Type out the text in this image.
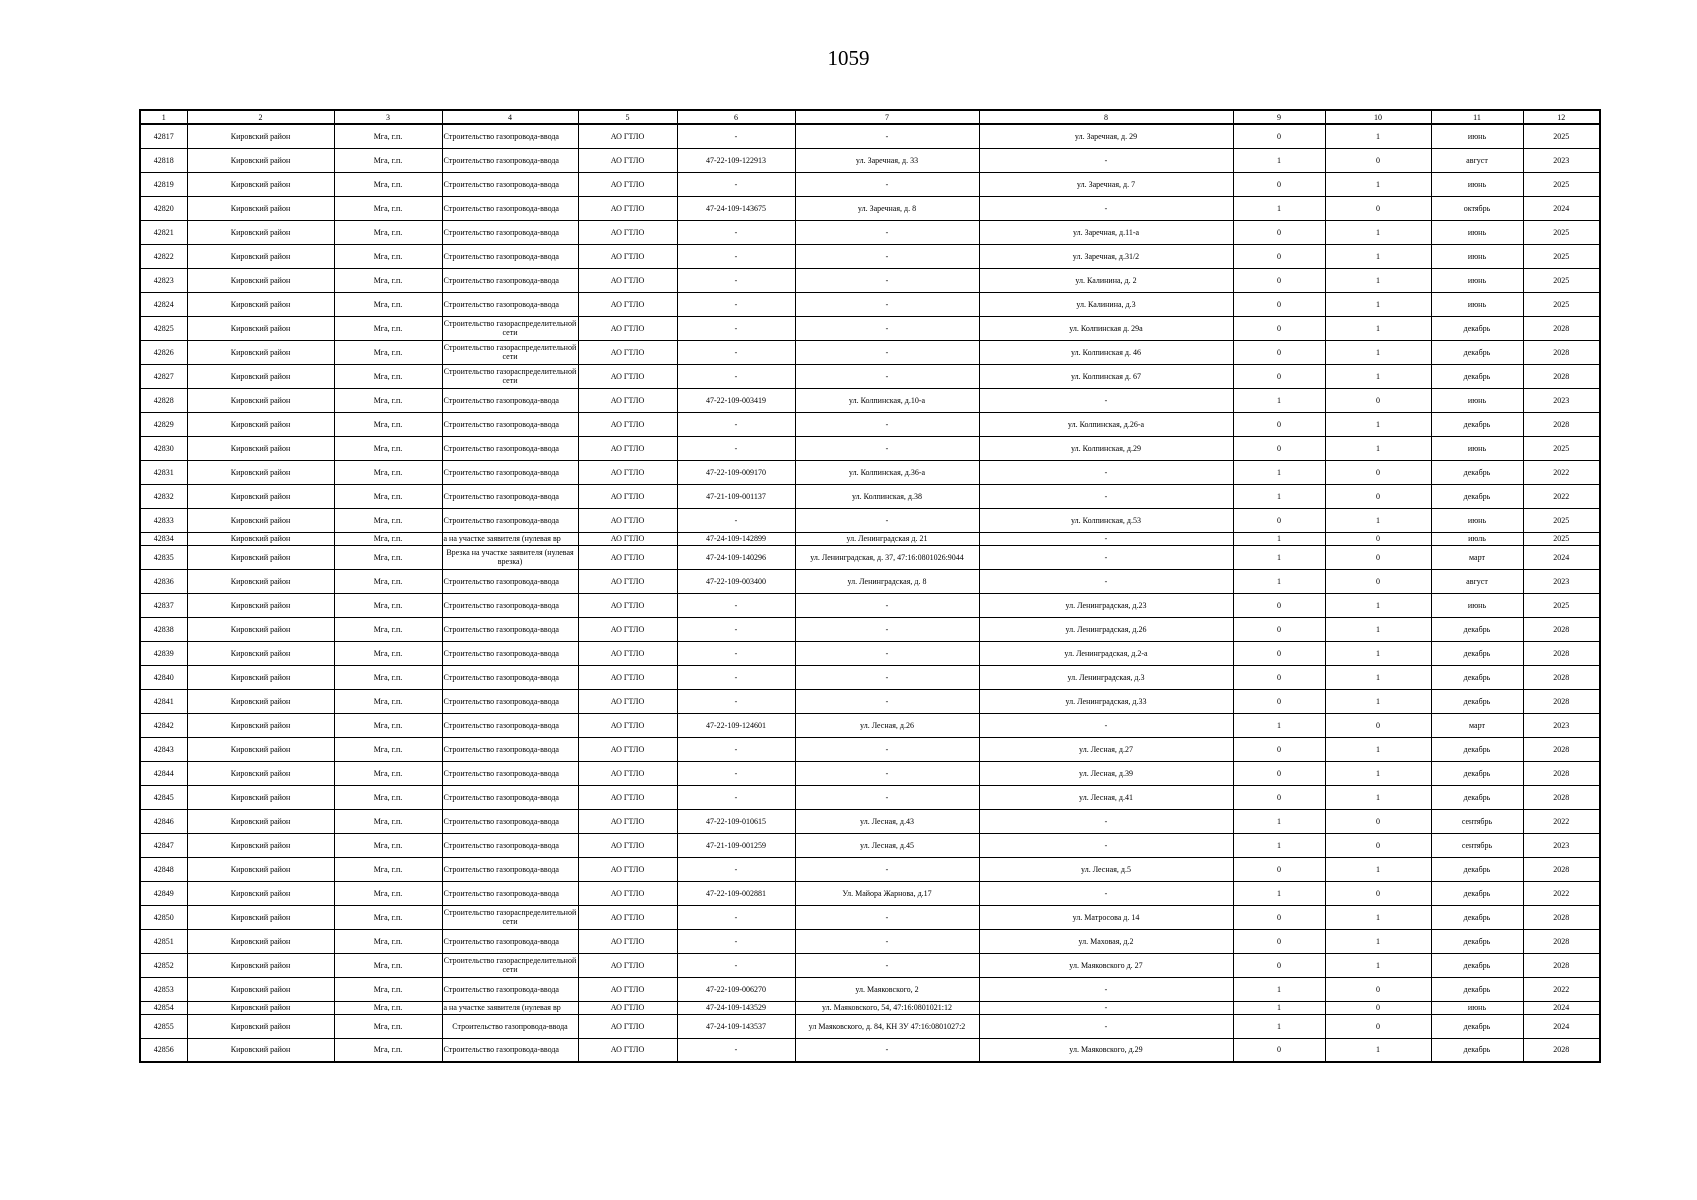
1059
1	2	3	4	5	6	7	8	9	10	11	12
42817	Кировский район	Мга, г.п.	Строительство газопровода-ввода	АО ГТЛО	-	-	ул. Заречная, д. 29	0	1	июнь	2025
42818	Кировский район	Мга, г.п.	Строительство газопровода-ввода	АО ГТЛО	47-22-109-122913	ул. Заречная, д. 33	-	1	0	август	2023
42819	Кировский район	Мга, г.п.	Строительство газопровода-ввода	АО ГТЛО	-	-	ул. Заречная, д. 7	0	1	июнь	2025
42820	Кировский район	Мга, г.п.	Строительство газопровода-ввода	АО ГТЛО	47-24-109-143675	ул. Заречная, д. 8	-	1	0	октябрь	2024
42821	Кировский район	Мга, г.п.	Строительство газопровода-ввода	АО ГТЛО	-	-	ул. Заречная, д.11-а	0	1	июнь	2025
42822	Кировский район	Мга, г.п.	Строительство газопровода-ввода	АО ГТЛО	-	-	ул. Заречная, д.31/2	0	1	июнь	2025
42823	Кировский район	Мга, г.п.	Строительство газопровода-ввода	АО ГТЛО	-	-	ул. Калинина, д. 2	0	1	июнь	2025
42824	Кировский район	Мга, г.п.	Строительство газопровода-ввода	АО ГТЛО	-	-	ул. Калинина, д.3	0	1	июнь	2025
42825	Кировский район	Мга, г.п.	Строительство газораспределительной сети	АО ГТЛО	-	-	ул. Колпинская д. 29а	0	1	декабрь	2028
42826	Кировский район	Мга, г.п.	Строительство газораспределительной сети	АО ГТЛО	-	-	ул. Колпинская д. 46	0	1	декабрь	2028
42827	Кировский район	Мга, г.п.	Строительство газораспределительной сети	АО ГТЛО	-	-	ул. Колпинская д. 67	0	1	декабрь	2028
42828	Кировский район	Мга, г.п.	Строительство газопровода-ввода	АО ГТЛО	47-22-109-003419	ул. Колпинская, д.10-а	-	1	0	июнь	2023
42829	Кировский район	Мга, г.п.	Строительство газопровода-ввода	АО ГТЛО	-	-	ул. Колпинская, д.26-а	0	1	декабрь	2028
42830	Кировский район	Мга, г.п.	Строительство газопровода-ввода	АО ГТЛО	-	-	ул. Колпинская, д.29	0	1	июнь	2025
42831	Кировский район	Мга, г.п.	Строительство газопровода-ввода	АО ГТЛО	47-22-109-009170	ул. Колпинская, д.36-а	-	1	0	декабрь	2022
42832	Кировский район	Мга, г.п.	Строительство газопровода-ввода	АО ГТЛО	47-21-109-001137	ул. Колпинская, д.38	-	1	0	декабрь	2022
42833	Кировский район	Мга, г.п.	Строительство газопровода-ввода	АО ГТЛО	-	-	ул. Колпинская, д.53	0	1	июнь	2025
42834	Кировский район	Мга, г.п.	а на участке заявителя (нулевая вр	АО ГТЛО	47-24-109-142899	ул. Ленинградская д. 21	-	1	0	июль	2025
42835	Кировский район	Мга, г.п.	Врезка на участке заявителя (нулевая врезка)	АО ГТЛО	47-24-109-140296	ул. Ленинградская, д. 37, 47:16:0801026:9044	-	1	0	март	2024
42836	Кировский район	Мга, г.п.	Строительство газопровода-ввода	АО ГТЛО	47-22-109-003400	ул. Ленинградская, д. 8	-	1	0	август	2023
42837	Кировский район	Мга, г.п.	Строительство газопровода-ввода	АО ГТЛО	-	-	ул. Ленинградская, д.23	0	1	июнь	2025
42838	Кировский район	Мга, г.п.	Строительство газопровода-ввода	АО ГТЛО	-	-	ул. Ленинградская, д.26	0	1	декабрь	2028
42839	Кировский район	Мга, г.п.	Строительство газопровода-ввода	АО ГТЛО	-	-	ул. Ленинградская, д.2-а	0	1	декабрь	2028
42840	Кировский район	Мга, г.п.	Строительство газопровода-ввода	АО ГТЛО	-	-	ул. Ленинградская, д.3	0	1	декабрь	2028
42841	Кировский район	Мга, г.п.	Строительство газопровода-ввода	АО ГТЛО	-	-	ул. Ленинградская, д.33	0	1	декабрь	2028
42842	Кировский район	Мга, г.п.	Строительство газопровода-ввода	АО ГТЛО	47-22-109-124601	ул. Лесная, д.26	-	1	0	март	2023
42843	Кировский район	Мга, г.п.	Строительство газопровода-ввода	АО ГТЛО	-	-	ул. Лесная, д.27	0	1	декабрь	2028
42844	Кировский район	Мга, г.п.	Строительство газопровода-ввода	АО ГТЛО	-	-	ул. Лесная, д.39	0	1	декабрь	2028
42845	Кировский район	Мга, г.п.	Строительство газопровода-ввода	АО ГТЛО	-	-	ул. Лесная, д.41	0	1	декабрь	2028
42846	Кировский район	Мга, г.п.	Строительство газопровода-ввода	АО ГТЛО	47-22-109-010615	ул. Лесная, д.43	-	1	0	сентябрь	2022
42847	Кировский район	Мга, г.п.	Строительство газопровода-ввода	АО ГТЛО	47-21-109-001259	ул. Лесная, д.45	-	1	0	сентябрь	2023
42848	Кировский район	Мга, г.п.	Строительство газопровода-ввода	АО ГТЛО	-	-	ул. Лесная, д.5	0	1	декабрь	2028
42849	Кировский район	Мга, г.п.	Строительство газопровода-ввода	АО ГТЛО	47-22-109-002881	Ул. Майора Жарнова, д.17	-	1	0	декабрь	2022
42850	Кировский район	Мга, г.п.	Строительство газораспределительной сети	АО ГТЛО	-	-	ул. Матросова д. 14	0	1	декабрь	2028
42851	Кировский район	Мга, г.п.	Строительство газопровода-ввода	АО ГТЛО	-	-	ул. Маховая, д.2	0	1	декабрь	2028
42852	Кировский район	Мга, г.п.	Строительство газораспределительной сети	АО ГТЛО	-	-	ул. Маяковского д. 27	0	1	декабрь	2028
42853	Кировский район	Мга, г.п.	Строительство газопровода-ввода	АО ГТЛО	47-22-109-006270	ул. Маяковского, 2	-	1	0	декабрь	2022
42854	Кировский район	Мга, г.п.	а на участке заявителя (нулевая вр	АО ГТЛО	47-24-109-143529	ул. Маяковского, 54, 47:16:0801021:12	-	1	0	июнь	2024
42855	Кировский район	Мга, г.п.	Строительство газопровода-ввода	АО ГТЛО	47-24-109-143537	ул Маяковского, д. 84, КН ЗУ 47:16:0801027:2	-	1	0	декабрь	2024
42856	Кировский район	Мга, г.п.	Строительство газопровода-ввода	АО ГТЛО	-	-	ул. Маяковского, д.29	0	1	декабрь	2028
